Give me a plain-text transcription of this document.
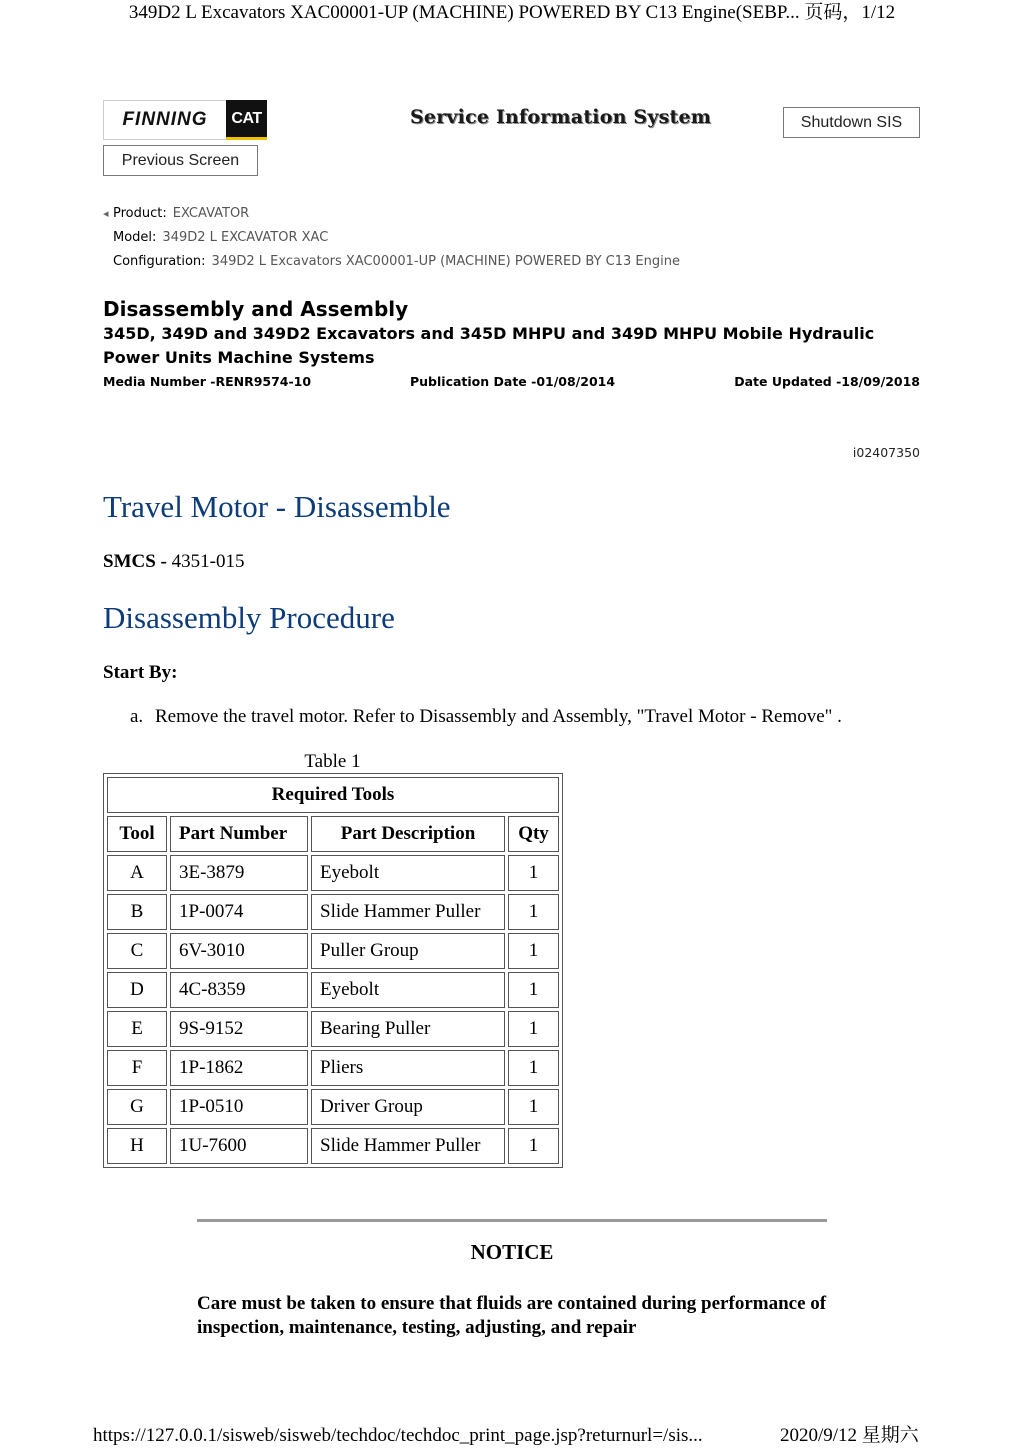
349D2 L Excavators XAC00001-UP (MACHINE) POWERED BY C13 Engine(SEBP... 页码，1/12
FINNING	CAT	Service Information System	Shutdown SIS
Previous Screen
◂ Product: EXCAVATOR
Model: 349D2 L EXCAVATOR XAC
Configuration: 349D2 L Excavators XAC00001-UP (MACHINE) POWERED BY C13 Engine
Disassembly and Assembly
345D, 349D and 349D2 Excavators and 345D MHPU and 349D MHPU Mobile Hydraulic Power Units Machine Systems
Media Number -RENR9574-10	Publication Date -01/08/2014	Date Updated -18/09/2018
i02407350
Travel Motor - Disassemble
SMCS - 4351-015
Disassembly Procedure
Start By:
a. Remove the travel motor. Refer to Disassembly and Assembly, "Travel Motor - Remove" .
Table 1
Required Tools			
Tool	Part Number	Part Description	Qty
A	3E-3879	Eyebolt	1
B	1P-0074	Slide Hammer Puller	1
C	6V-3010	Puller Group	1
D	4C-8359	Eyebolt	1
E	9S-9152	Bearing Puller	1
F	1P-1862	Pliers	1
G	1P-0510	Driver Group	1
H	1U-7600	Slide Hammer Puller	1
NOTICE
Care must be taken to ensure that fluids are contained during performance of inspection, maintenance, testing, adjusting, and repair
https://127.0.0.1/sisweb/sisweb/techdoc/techdoc_print_page.jsp?returnurl=/sis...	2020/9/12 星期六
